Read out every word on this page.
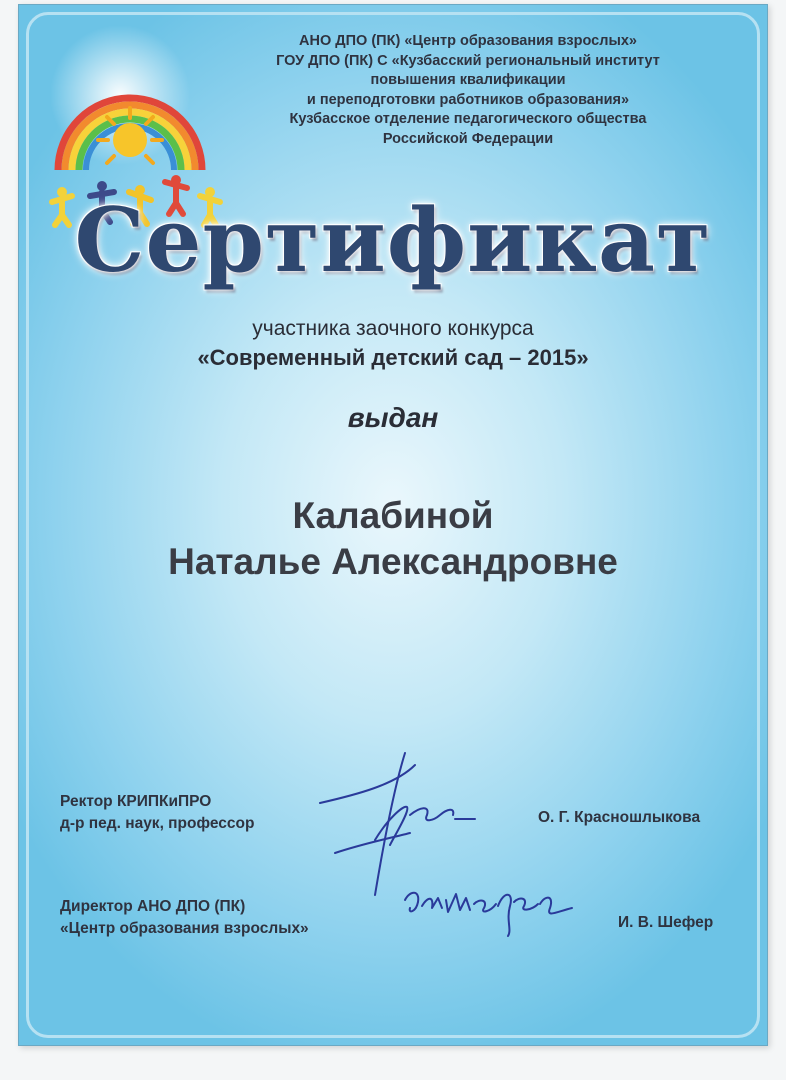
АНО ДПО (ПК) «Центр образования взрослых»
ГОУ ДПО (ПК) С «Кузбасский региональный институт
повышения квалификации
и переподготовки работников образования»
Кузбасское отделение педагогического общества
Российской Федерации
Сертификат
участника заочного конкурса
«Современный детский сад – 2015»
выдан
Калабиной
Наталье Александровне
Ректор КРИПКиПРО
д-р пед. наук, профессор	О. Г. Красношлыкова
Директор АНО ДПО (ПК)
«Центр образования взрослых»	И. В. Шефер
